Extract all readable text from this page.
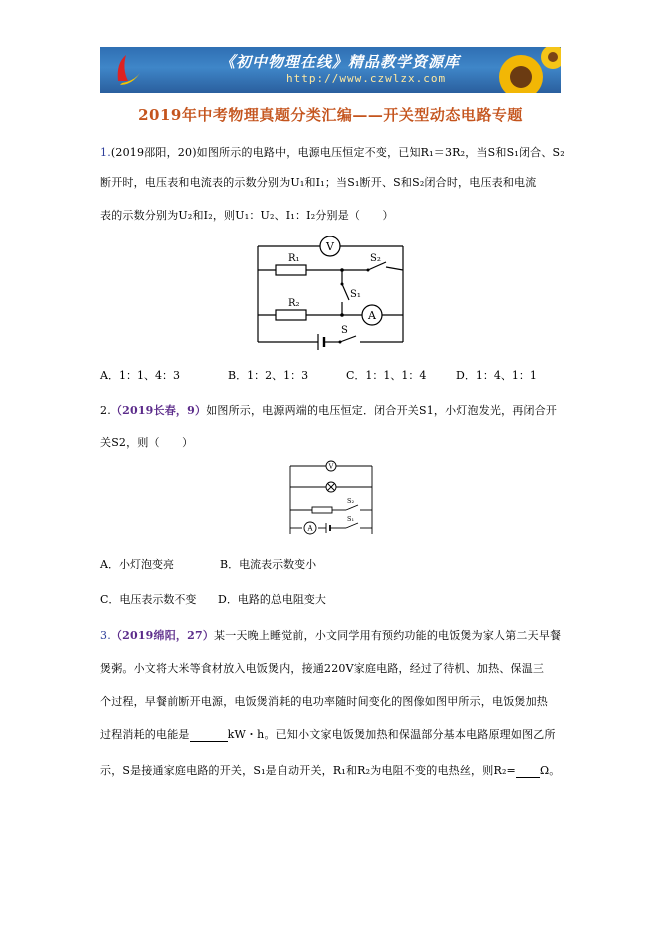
《初中物理在线》精品教学资源库
http://www.czwlzx.com
2019年中考物理真题分类汇编——开关型动态电路专题
1.(2019邵阳，20)如图所示的电路中，电源电压恒定不变，已知R₁＝3R₂，当S和S₁闭合、S₂
断开时，电压表和电流表的示数分别为U₁和I₁；当S₁断开、S和S₂闭合时，电压表和电流
表的示数分别为U₂和I₂，则U₁：U₂、I₁：I₂分别是（　　）
V
A
R₁
R₂
S₂
S₁
S
A．1：1、4：3	B．1：2、1：3	C．1：1、1：4	D．1：4、1：1
2.（2019长春，9）如图所示，电源两端的电压恒定．闭合开关S1，小灯泡发光，再闭合开
关S2，则（　　）
V
A
S₂
S₁
A．小灯泡变亮	B．电流表示数变小
C．电压表示数不变 D．电路的总电阻变大
3.（2019绵阳，27）某一天晚上睡觉前，小文同学用有预约功能的电饭煲为家人第二天早餐
煲粥。小文将大米等食材放入电饭煲内，接通220V家庭电路，经过了待机、加热、保温三
个过程，早餐前断开电源，电饭煲消耗的电功率随时间变化的图像如图甲所示，电饭煲加热
过程消耗的电能是	kW・h。已知小文家电饭煲加热和保温部分基本电路原理如图乙所
示，S是接通家庭电路的开关，S₁是自动开关，R₁和R₂为电阻不变的电热丝，则R₂= Ω。
